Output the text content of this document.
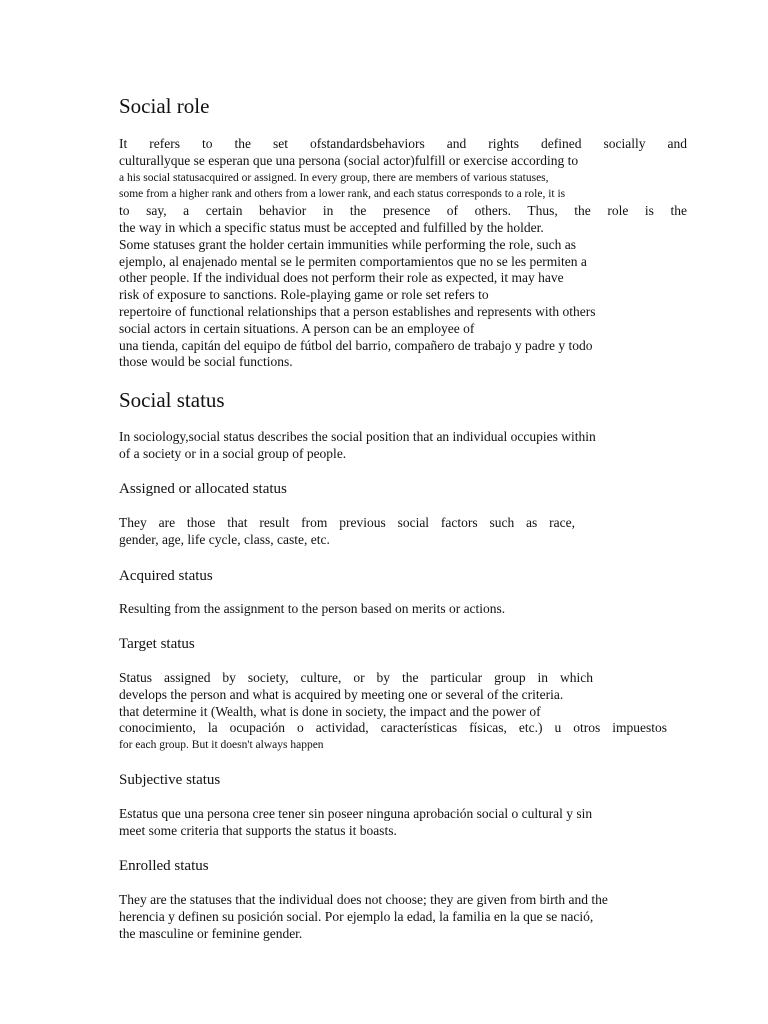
Social role
It refers to the set ofstandardsbehaviors and rights defined socially and
culturallyque se esperan que una persona (social actor)fulfill or exercise according to
a his social statusacquired or assigned. In every group, there are members of various statuses,
some from a higher rank and others from a lower rank, and each status corresponds to a role, it is
to say, a certain behavior in the presence of others. Thus, the role is the
the way in which a specific status must be accepted and fulfilled by the holder.
Some statuses grant the holder certain immunities while performing the role, such as
ejemplo, al enajenado mental se le permiten comportamientos que no se les permiten a
other people. If the individual does not perform their role as expected, it may have
risk of exposure to sanctions. Role-playing game or role set refers to
repertoire of functional relationships that a person establishes and represents with others
social actors in certain situations. A person can be an employee of
una tienda, capitán del equipo de fútbol del barrio, compañero de trabajo y padre y todo
those would be social functions.
Social status
In sociology,social status describes the social position that an individual occupies within
of a society or in a social group of people.
Assigned or allocated status
They are those that result from previous social factors such as race,
gender, age, life cycle, class, caste, etc.
Acquired status
Resulting from the assignment to the person based on merits or actions.
Target status
Status assigned by society, culture, or by the particular group in which
develops the person and what is acquired by meeting one or several of the criteria.
that determine it (Wealth, what is done in society, the impact and the power of
conocimiento, la ocupación o actividad, características físicas, etc.) u otros impuestos
for each group. But it doesn't always happen
Subjective status
Estatus que una persona cree tener sin poseer ninguna aprobación social o cultural y sin
meet some criteria that supports the status it boasts.
Enrolled status
They are the statuses that the individual does not choose; they are given from birth and the
herencia y definen su posición social. Por ejemplo la edad, la familia en la que se nació,
the masculine or feminine gender.
